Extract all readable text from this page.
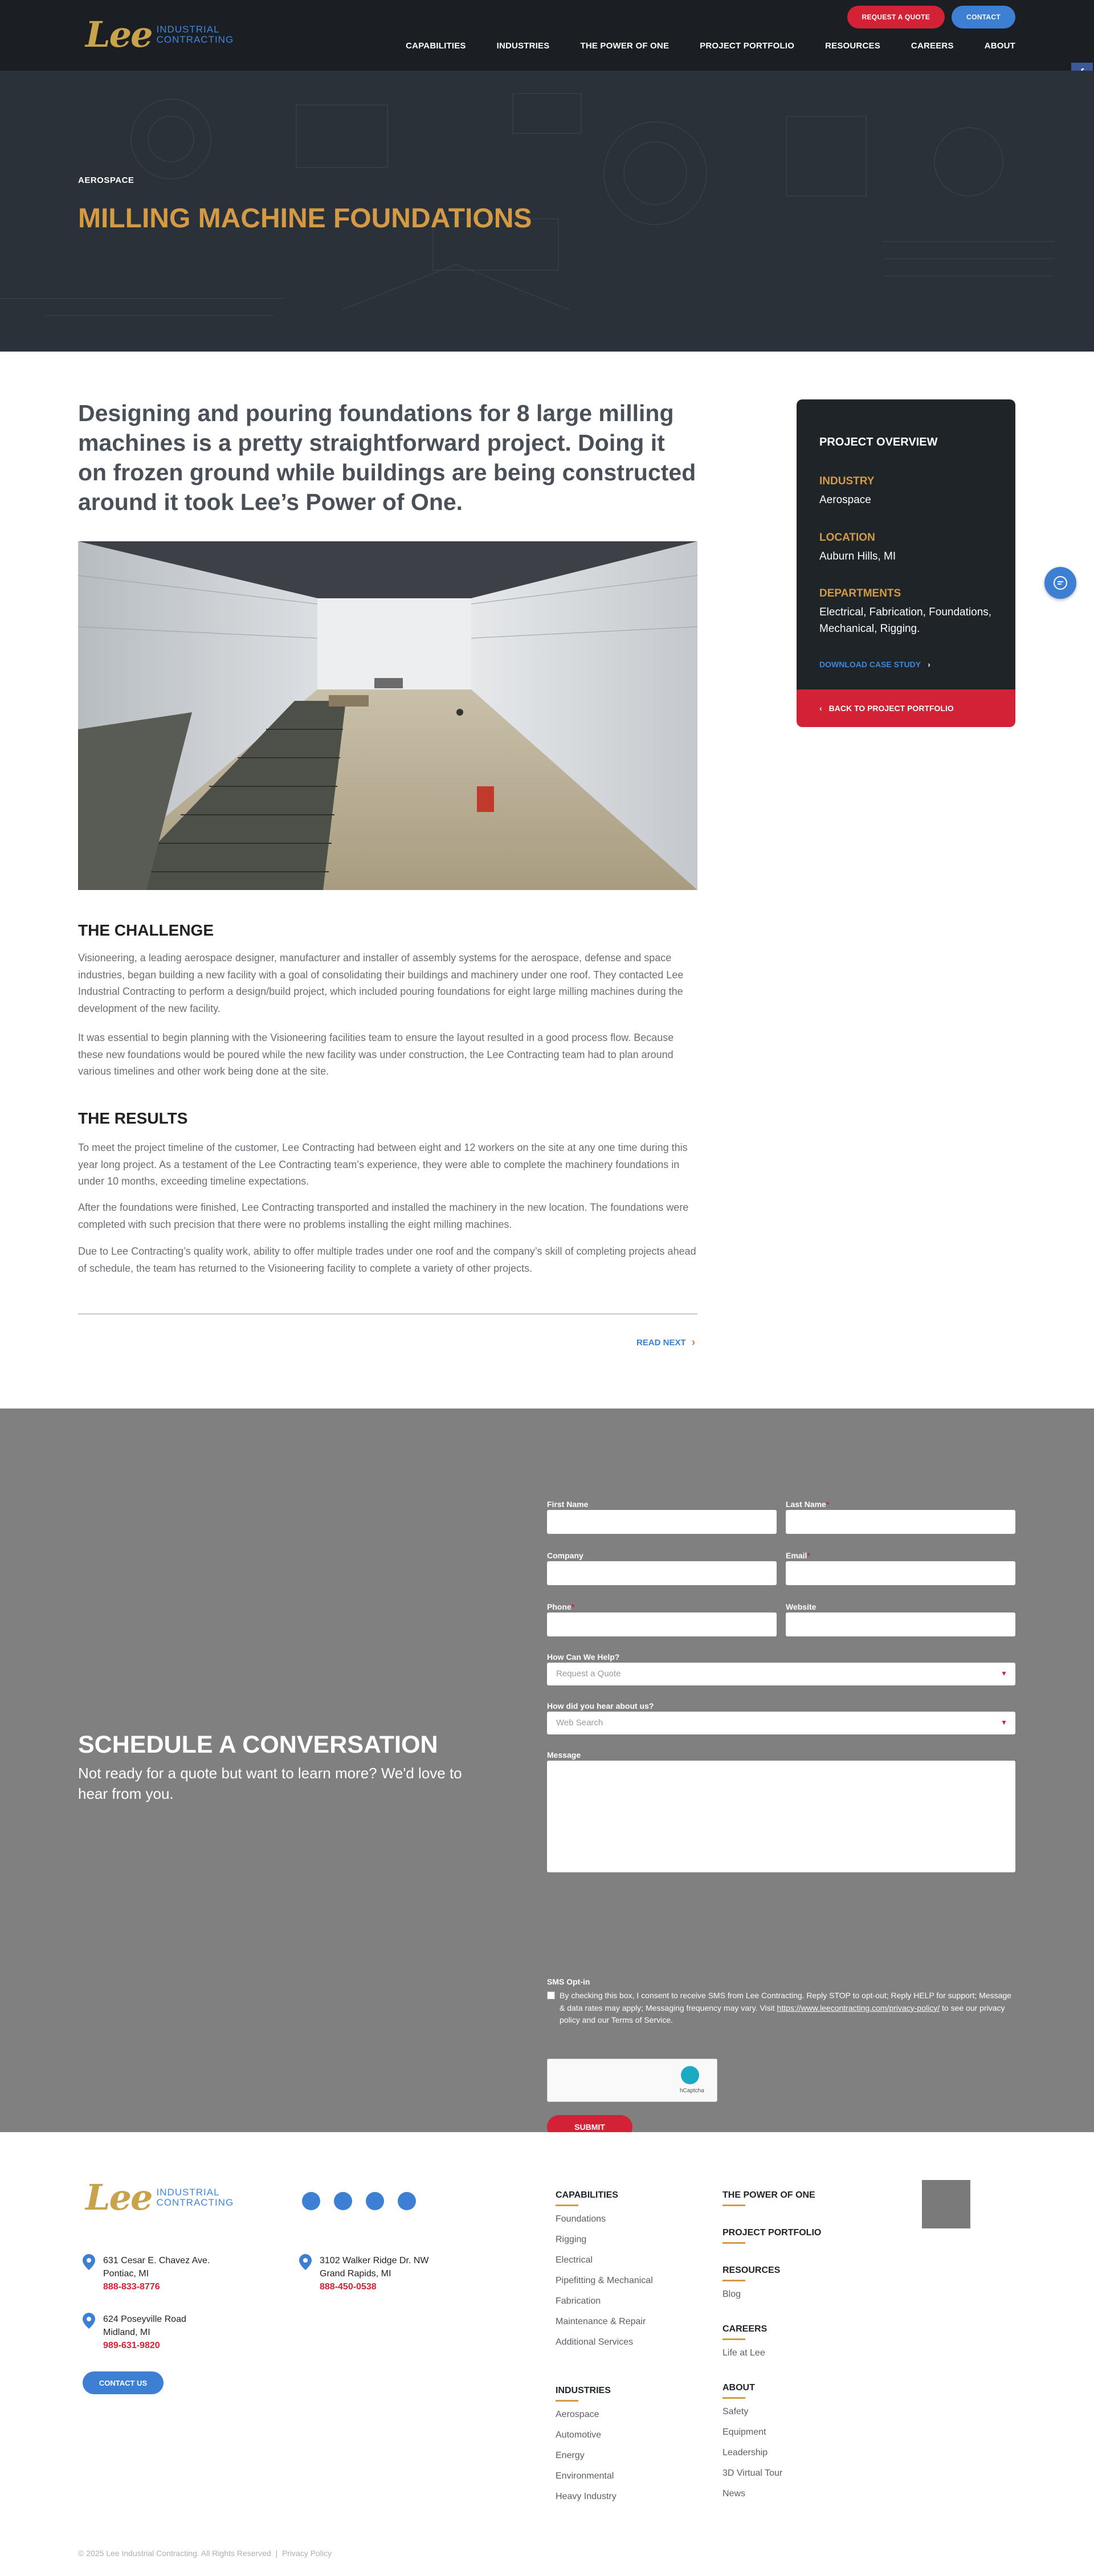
Lee INDUSTRIAL
CONTRACTING
REQUEST A QUOTE	CONTACT
CAPABILITIES	INDUSTRIES	THE POWER OF ONE	PROJECT PORTFOLIO	RESOURCES	CAREERS	ABOUT
AEROSPACE
MILLING MACHINE FOUNDATIONS

Designing and pouring foundations for 8 large milling machines is a pretty straightforward project. Doing it on frozen ground while buildings are being constructed around it took Lee’s Power of One.

THE CHALLENGE

Visioneering, a leading aerospace designer, manufacturer and installer of assembly systems for the aerospace, defense and space industries, began building a new facility with a goal of consolidating their buildings and machinery under one roof. They contacted Lee Industrial Contracting to perform a design/build project, which included pouring foundations for eight large milling machines during the development of the new facility.

It was essential to begin planning with the Visioneering facilities team to ensure the layout resulted in a good process flow. Because these new foundations would be poured while the new facility was under construction, the Lee Contracting team had to plan around various timelines and other work being done at the site.

THE RESULTS

To meet the project timeline of the customer, Lee Contracting had between eight and 12 workers on the site at any one time during this year long project. As a testament of the Lee Contracting team’s experience, they were able to complete the machinery foundations in under 10 months, exceeding timeline expectations.

After the foundations were finished, Lee Contracting transported and installed the machinery in the new location. The foundations were completed with such precision that there were no problems installing the eight milling machines.

Due to Lee Contracting’s quality work, ability to offer multiple trades under one roof and the company’s skill of completing projects ahead of schedule, the team has returned to the Visioneering facility to complete a variety of other projects.

READ NEXT ›
PROJECT OVERVIEW
INDUSTRY
Aerospace
LOCATION
Auburn Hills, MI
DEPARTMENTS
Electrical, Fabrication, Foundations, Mechanical, Rigging.
DOWNLOAD CASE STUDY ›
‹ BACK TO PROJECT PORTFOLIO
SCHEDULE A CONVERSATION

Not ready for a quote but want to learn more? We'd love to hear from you.

First Name	Last Name*
Company	Email*
Phone*	Website
How Can We Help?
Request a Quote	▼
How did you hear about us?
Web Search	▼
Message
SMS Opt-in

By checking this box, I consent to receive SMS from Lee Contracting. Reply STOP to opt-out; Reply HELP for support; Message & data rates may apply; Messaging frequency may vary. Visit https://www.leecontracting.com/privacy-policy/ to see our privacy policy and our Terms of Service.

hCaptcha
SUBMIT
Lee INDUSTRIAL
CONTRACTING
631 Cesar E. Chavez Ave.
Pontiac, MI
888-833-8776
3102 Walker Ridge Dr. NW
Grand Rapids, MI
888-450-0538
624 Poseyville Road
Midland, MI
989-631-9820
CONTACT US
CAPABILITIES
Foundations
Rigging
Electrical
Pipefitting & Mechanical
Fabrication
Maintenance & Repair
Additional Services
INDUSTRIES
Aerospace
Automotive
Energy
Environmental
Heavy Industry
THE POWER OF ONE
PROJECT PORTFOLIO
RESOURCES
Blog
CAREERS
Life at Lee
ABOUT
Safety
Equipment
Leadership
3D Virtual Tour
News
© 2025 Lee Industrial Contracting. All Rights Reserved  |  Privacy Policy
